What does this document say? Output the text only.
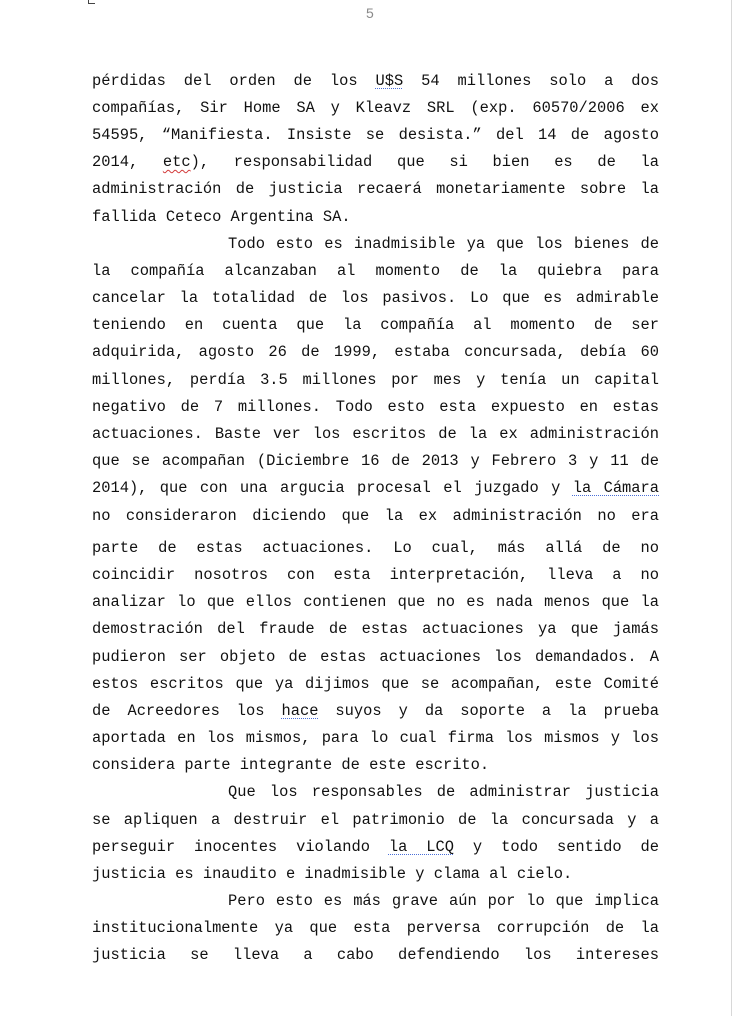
5
pérdidas del orden de los U$S 54 millones solo a dos
compañías, Sir Home SA y Kleavz SRL (exp. 60570/2006 ex
54595, “Manifiesta. Insiste se desista.” del 14 de agosto
2014, etc), responsabilidad que si bien es de la
administración de justicia recaerá monetariamente sobre la
fallida Ceteco Argentina SA.
Todo esto es inadmisible ya que los bienes de
la compañía alcanzaban al momento de la quiebra para
cancelar la totalidad de los pasivos. Lo que es admirable
teniendo en cuenta que la compañía al momento de ser
adquirida, agosto 26 de 1999, estaba concursada, debía 60
millones, perdía 3.5 millones por mes y tenía un capital
negativo de 7 millones. Todo esto esta expuesto en estas
actuaciones. Baste ver los escritos de la ex administración
que se acompañan (Diciembre 16 de 2013 y Febrero 3 y 11 de
2014), que con una argucia procesal el juzgado y la Cámara
no consideraron diciendo que la ex administración no era
parte de estas actuaciones. Lo cual, más allá de no
coincidir nosotros con esta interpretación, lleva a no
analizar lo que ellos contienen que no es nada menos que la
demostración del fraude de estas actuaciones ya que jamás
pudieron ser objeto de estas actuaciones los demandados. A
estos escritos que ya dijimos que se acompañan, este Comité
de Acreedores los hace suyos y da soporte a la prueba
aportada en los mismos, para lo cual firma los mismos y los
considera parte integrante de este escrito.
Que los responsables de administrar justicia
se apliquen a destruir el patrimonio de la concursada y a
perseguir inocentes violando la LCQ y todo sentido de
justicia es inaudito e inadmisible y clama al cielo.
Pero esto es más grave aún por lo que implica
institucionalmente ya que esta perversa corrupción de la
justicia se lleva a cabo defendiendo los intereses
